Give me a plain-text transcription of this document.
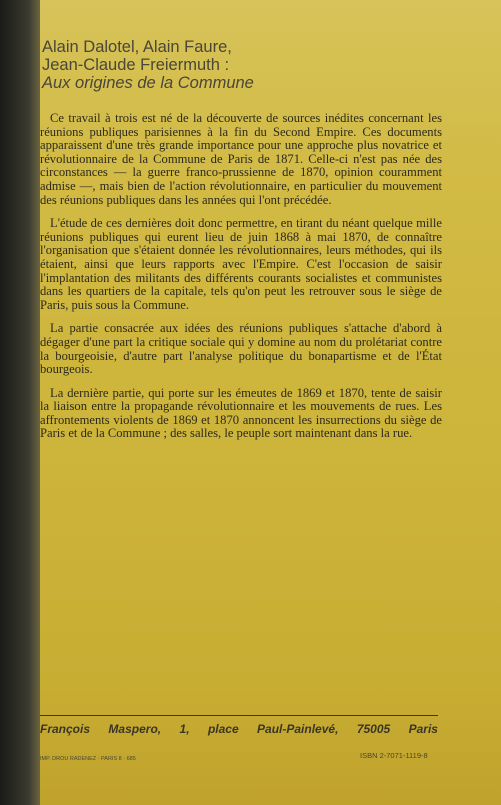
Alain Dalotel, Alain Faure,
Jean-Claude Freiermuth :
Aux origines de la Commune

Ce travail à trois est né de la découverte de sources inédites concernant les réunions publiques parisiennes à la fin du Second Empire. Ces documents apparaissent d'une très grande importance pour une approche plus novatrice et révolutionnaire de la Commune de Paris de 1871. Celle-ci n'est pas née des circonstances — la guerre franco-prussienne de 1870, opinion couramment admise —, mais bien de l'action révolutionnaire, en particulier du mouvement des réunions publiques dans les années qui l'ont précédée.

L'étude de ces dernières doit donc permettre, en tirant du néant quelque mille réunions publiques qui eurent lieu de juin 1868 à mai 1870, de connaître l'organisation que s'étaient donnée les révolutionnaires, leurs méthodes, qui ils étaient, ainsi que leurs rapports avec l'Empire. C'est l'occasion de saisir l'implantation des militants des différents courants socialistes et communistes dans les quartiers de la capitale, tels qu'on peut les retrouver sous le siège de Paris, puis sous la Commune.

La partie consacrée aux idées des réunions publiques s'attache d'abord à dégager d'une part la critique sociale qui y domine au nom du prolétariat contre la bourgeoisie, d'autre part l'analyse politique du bonapartisme et de l'État bourgeois.

La dernière partie, qui porte sur les émeutes de 1869 et 1870, tente de saisir la liaison entre la propagande révolutionnaire et les mouvements de rues. Les affrontements violents de 1869 et 1870 annoncent les insurrections du siège de Paris et de la Commune ; des salles, le peuple sort maintenant dans la rue.

François Maspero, 1, place Paul-Painlevé, 75005 Paris
IMP. DROU RADENEZ · PARIS 8 · 685	ISBN 2-7071-1119-8
